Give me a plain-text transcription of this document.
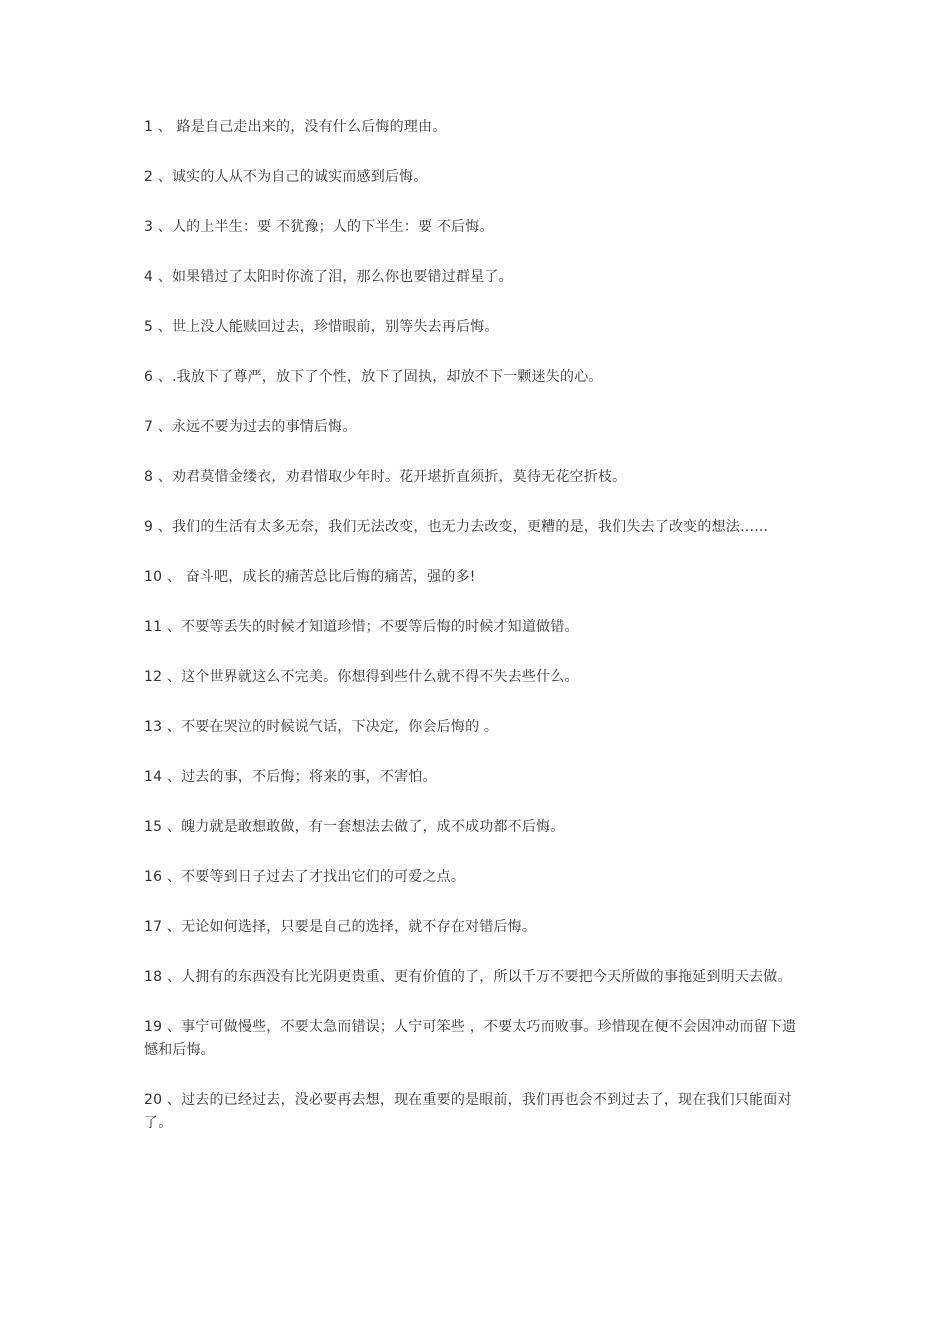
1 、 路是自己走出来的，没有什么后悔的理由。

2 、诚实的人从不为自己的诚实而感到后悔。

3 、人的上半生：要 不犹豫；人的下半生：要 不后悔。

4 、如果错过了太阳时你流了泪，那么你也要错过群星了。

5 、世上没人能赎回过去，珍惜眼前，别等失去再后悔。

6 、.我放下了尊严，放下了个性，放下了固执，却放不下一颗迷失的心。

7 、永远不要为过去的事情后悔。

8 、劝君莫惜金缕衣，劝君惜取少年时。花开堪折直须折，莫待无花空折枝。

9 、我们的生活有太多无奈，我们无法改变，也无力去改变，更糟的是，我们失去了改变的想法……

10 、 奋斗吧，成长的痛苦总比后悔的痛苦，强的多!

11 、不要等丢失的时候才知道珍惜；不要等后悔的时候才知道做错。

12 、这个世界就这么不完美。你想得到些什么就不得不失去些什么。

13 、不要在哭泣的时候说气话，下决定，你会后悔的 。

14 、过去的事，不后悔；将来的事，不害怕。

15 、魄力就是敢想敢做，有一套想法去做了，成不成功都不后悔。

16 、不要等到日子过去了才找出它们的可爱之点。

17 、无论如何选择，只要是自己的选择，就不存在对错后悔。

18 、人拥有的东西没有比光阴更贵重、更有价值的了，所以千万不要把今天所做的事拖延到明天去做。

19 、事宁可做慢些，不要太急而错误；人宁可笨些 ，不要太巧而败事。珍惜现在便不会因冲动而留下遗憾和后悔。

20 、过去的已经过去，没必要再去想，现在重要的是眼前，我们再也会不到过去了，现在我们只能面对了。
